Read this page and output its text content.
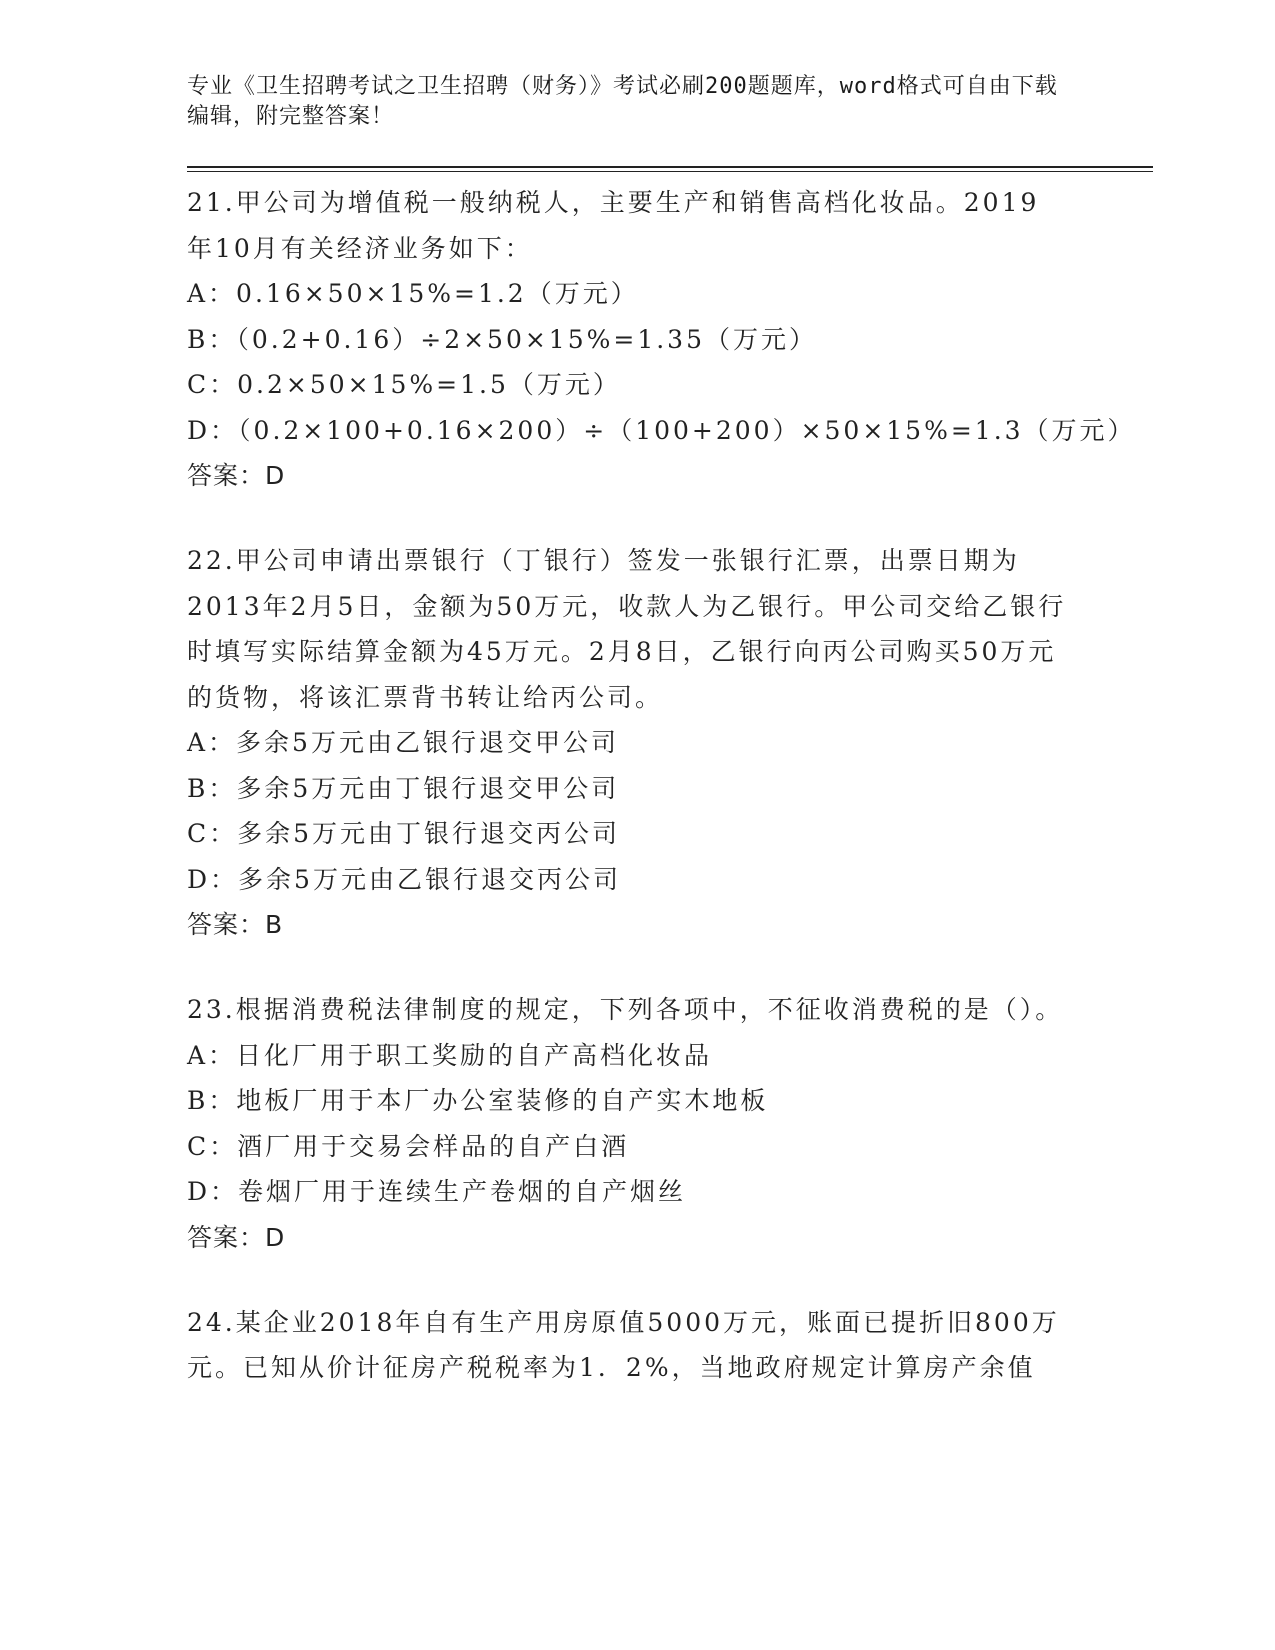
专业《卫生招聘考试之卫生招聘（财务）》考试必刷200题题库，word格式可自由下载编辑，附完整答案！
21.甲公司为增值税一般纳税人，主要生产和销售高档化妆品。2019年10月有关经济业务如下：
A：0.16×50×15%=1.2（万元）
B：（0.2+0.16）÷2×50×15%=1.35（万元）
C：0.2×50×15%=1.5（万元）
D：（0.2×100+0.16×200）÷（100+200）×50×15%=1.3（万元）
答案：D
22.甲公司申请出票银行（丁银行）签发一张银行汇票，出票日期为2013年2月5日，金额为50万元，收款人为乙银行。甲公司交给乙银行时填写实际结算金额为45万元。2月8日，乙银行向丙公司购买50万元的货物，将该汇票背书转让给丙公司。
A：多余5万元由乙银行退交甲公司
B：多余5万元由丁银行退交甲公司
C：多余5万元由丁银行退交丙公司
D：多余5万元由乙银行退交丙公司
答案：B
23.根据消费税法律制度的规定，下列各项中，不征收消费税的是（）。
A：日化厂用于职工奖励的自产高档化妆品
B：地板厂用于本厂办公室装修的自产实木地板
C：酒厂用于交易会样品的自产白酒
D：卷烟厂用于连续生产卷烟的自产烟丝
答案：D
24.某企业2018年自有生产用房原值5000万元，账面已提折旧800万元。已知从价计征房产税税率为1．2%，当地政府规定计算房产余值
